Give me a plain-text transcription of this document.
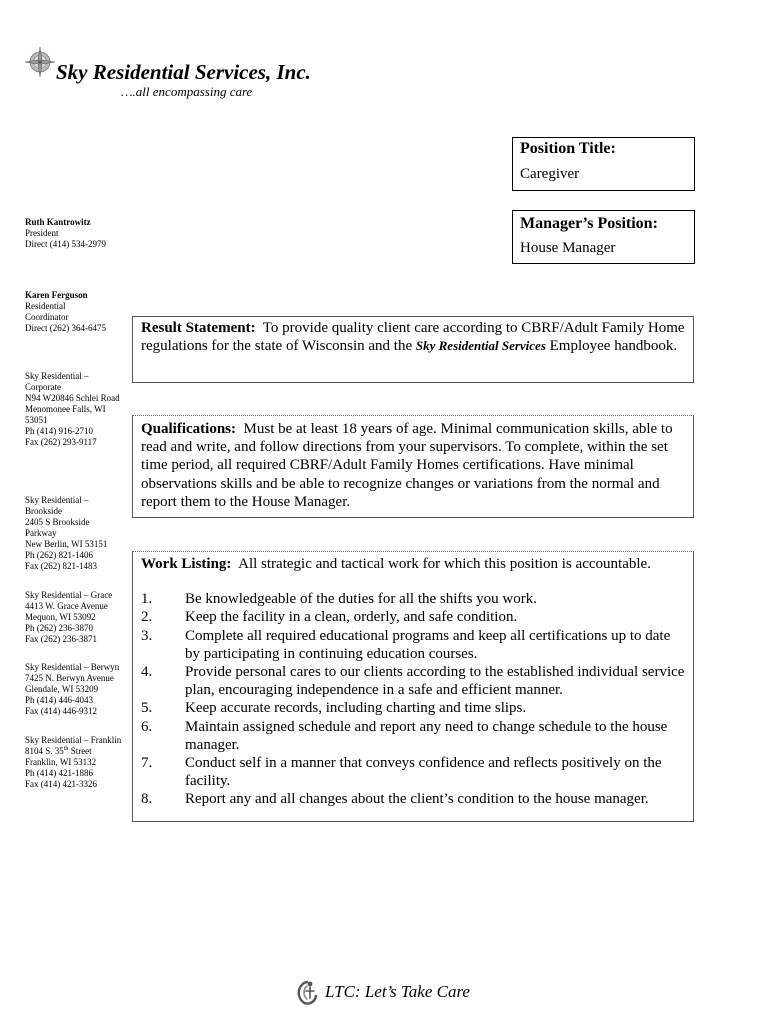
Sky Residential Services, Inc.
….all encompassing care
Position Title:
Caregiver
Manager’s Position:
House Manager
Ruth Kantrowitz
President
Direct (414) 534-2979
Karen Ferguson
Residential
Coordinator
Direct (262) 364-6475
Sky Residential –
Corporate
N94 W20846 Schlei Road
Menomonee Falls, WI
53051
Ph (414) 916-2710
Fax (262) 293-9117
Sky Residential –
Brookside
2405 S Brookside
Parkway
New Berlin, WI 53151
Ph (262) 821-1406
Fax (262) 821-1483
Sky Residential – Grace
4413 W. Grace Avenue
Mequon, WI 53092
Ph (262) 236-3870
Fax (262) 236-3871
Sky Residential – Berwyn
7425 N. Berwyn Avenue
Glendale, WI 53209
Ph (414) 446-4043
Fax (414) 446-9312
Sky Residential – Franklin
8104 S. 35th Street
Franklin, WI 53132
Ph (414) 421-1886
Fax (414) 421-3326
Result Statement: To provide quality client care according to CBRF/Adult Family Home regulations for the state of Wisconsin and the Sky Residential Services Employee handbook.
Qualifications: Must be at least 18 years of age. Minimal communication skills, able to read and write, and follow directions from your supervisors. To complete, within the set time period, all required CBRF/Adult Family Homes certifications. Have minimal observations skills and be able to recognize changes or variations from the normal and report them to the House Manager.
Work Listing: All strategic and tactical work for which this position is accountable.
1. Be knowledgeable of the duties for all the shifts you work.
2. Keep the facility in a clean, orderly, and safe condition.
3. Complete all required educational programs and keep all certifications up to date by participating in continuing education courses.
4. Provide personal cares to our clients according to the established individual service plan, encouraging independence in a safe and efficient manner.
5. Keep accurate records, including charting and time slips.
6. Maintain assigned schedule and report any need to change schedule to the house manager.
7. Conduct self in a manner that conveys confidence and reflects positively on the facility.
8. Report any and all changes about the client’s condition to the house manager.
LTC: Let’s Take Care
